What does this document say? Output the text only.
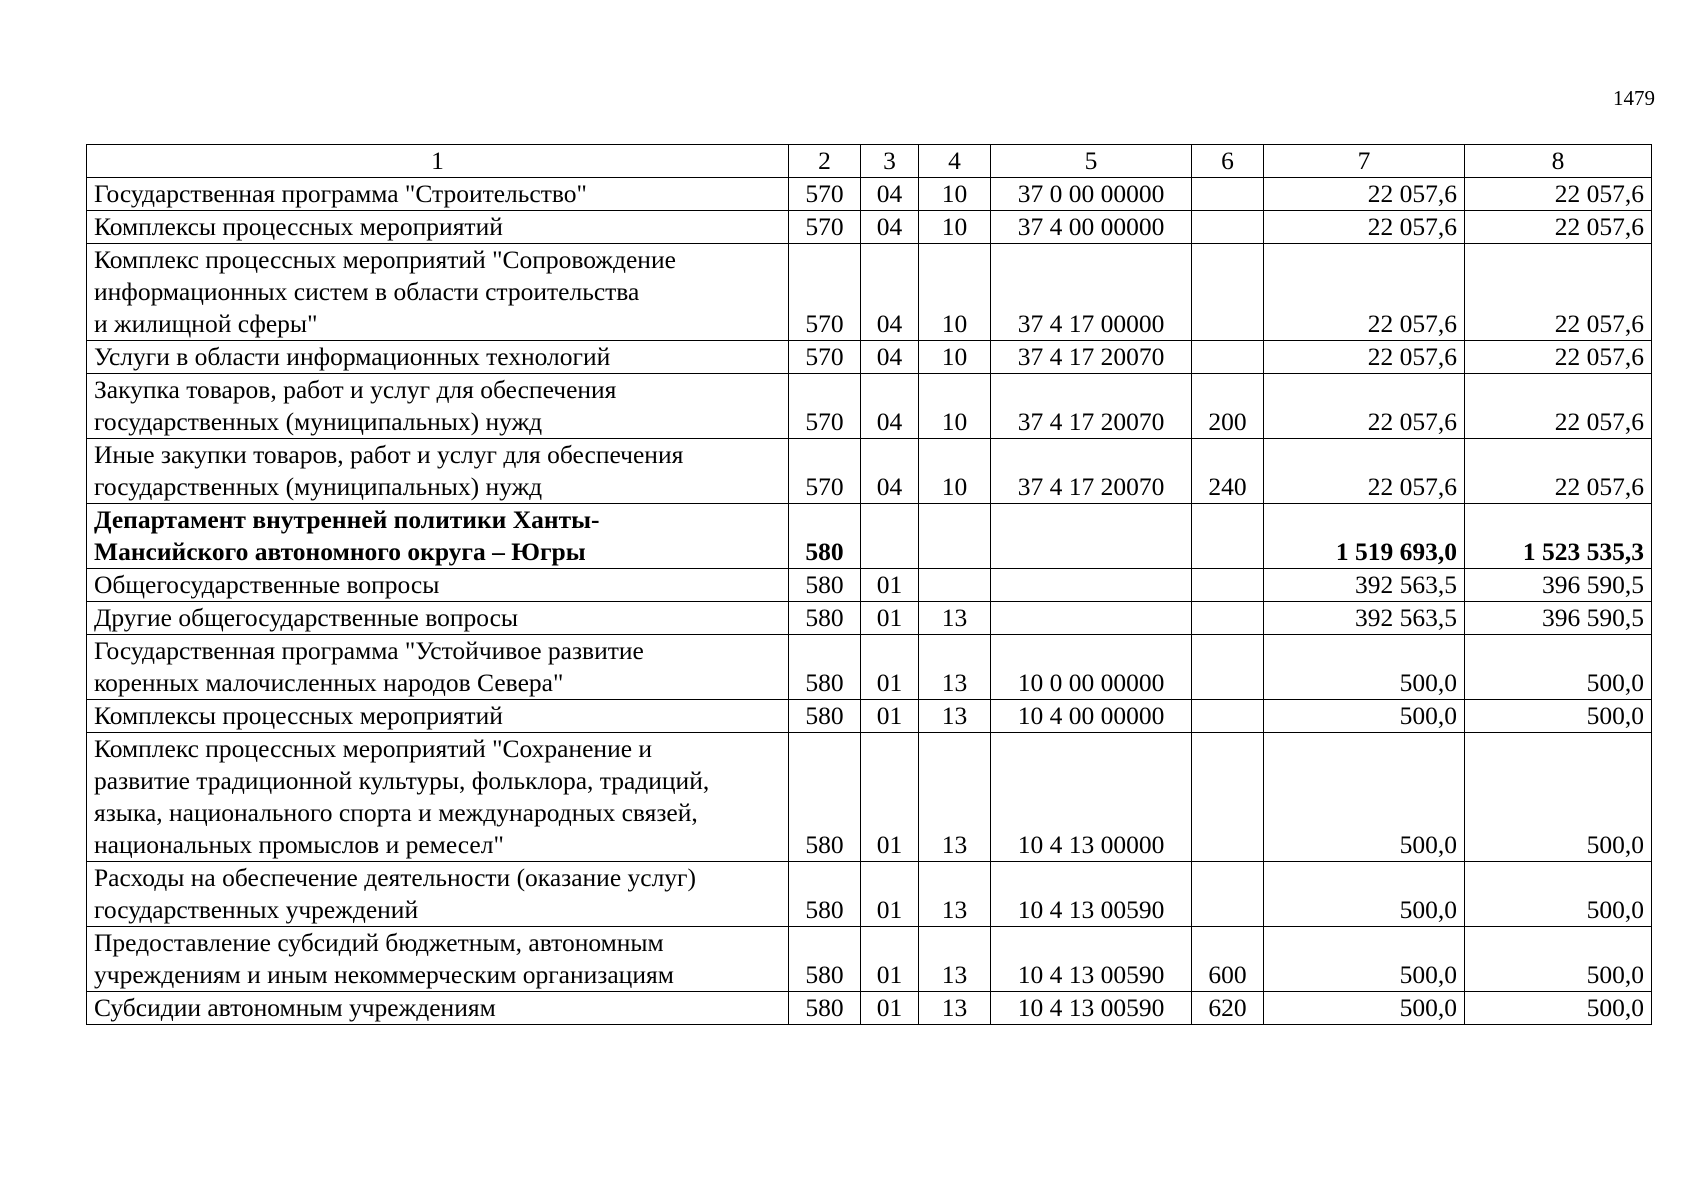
1479
1	2	3	4	5	6	7	8
Государственная программа "Строительство"	570	04	10	37 0 00 00000		22 057,6	22 057,6
Комплексы процессных мероприятий	570	04	10	37 4 00 00000		22 057,6	22 057,6
Комплекс процессных мероприятий "Сопровождение
информационных систем в области строительства
и жилищной сферы"	570	04	10	37 4 17 00000		22 057,6	22 057,6
Услуги в области информационных технологий	570	04	10	37 4 17 20070		22 057,6	22 057,6
Закупка товаров, работ и услуг для обеспечения
государственных (муниципальных) нужд	570	04	10	37 4 17 20070	200	22 057,6	22 057,6
Иные закупки товаров, работ и услуг для обеспечения
государственных (муниципальных) нужд	570	04	10	37 4 17 20070	240	22 057,6	22 057,6
Департамент внутренней политики Ханты-
Мансийского автономного округа – Югры	580					1 519 693,0	1 523 535,3
Общегосударственные вопросы	580	01				392 563,5	396 590,5
Другие общегосударственные вопросы	580	01	13			392 563,5	396 590,5
Государственная программа "Устойчивое развитие
коренных малочисленных народов Севера"	580	01	13	10 0 00 00000		500,0	500,0
Комплексы процессных мероприятий	580	01	13	10 4 00 00000		500,0	500,0
Комплекс процессных мероприятий "Сохранение и
развитие традиционной культуры, фольклора, традиций,
языка, национального спорта и международных связей,
национальных промыслов и ремесел"	580	01	13	10 4 13 00000		500,0	500,0
Расходы на обеспечение деятельности (оказание услуг)
государственных учреждений	580	01	13	10 4 13 00590		500,0	500,0
Предоставление субсидий бюджетным, автономным
учреждениям и иным некоммерческим организациям	580	01	13	10 4 13 00590	600	500,0	500,0
Субсидии автономным учреждениям	580	01	13	10 4 13 00590	620	500,0	500,0
